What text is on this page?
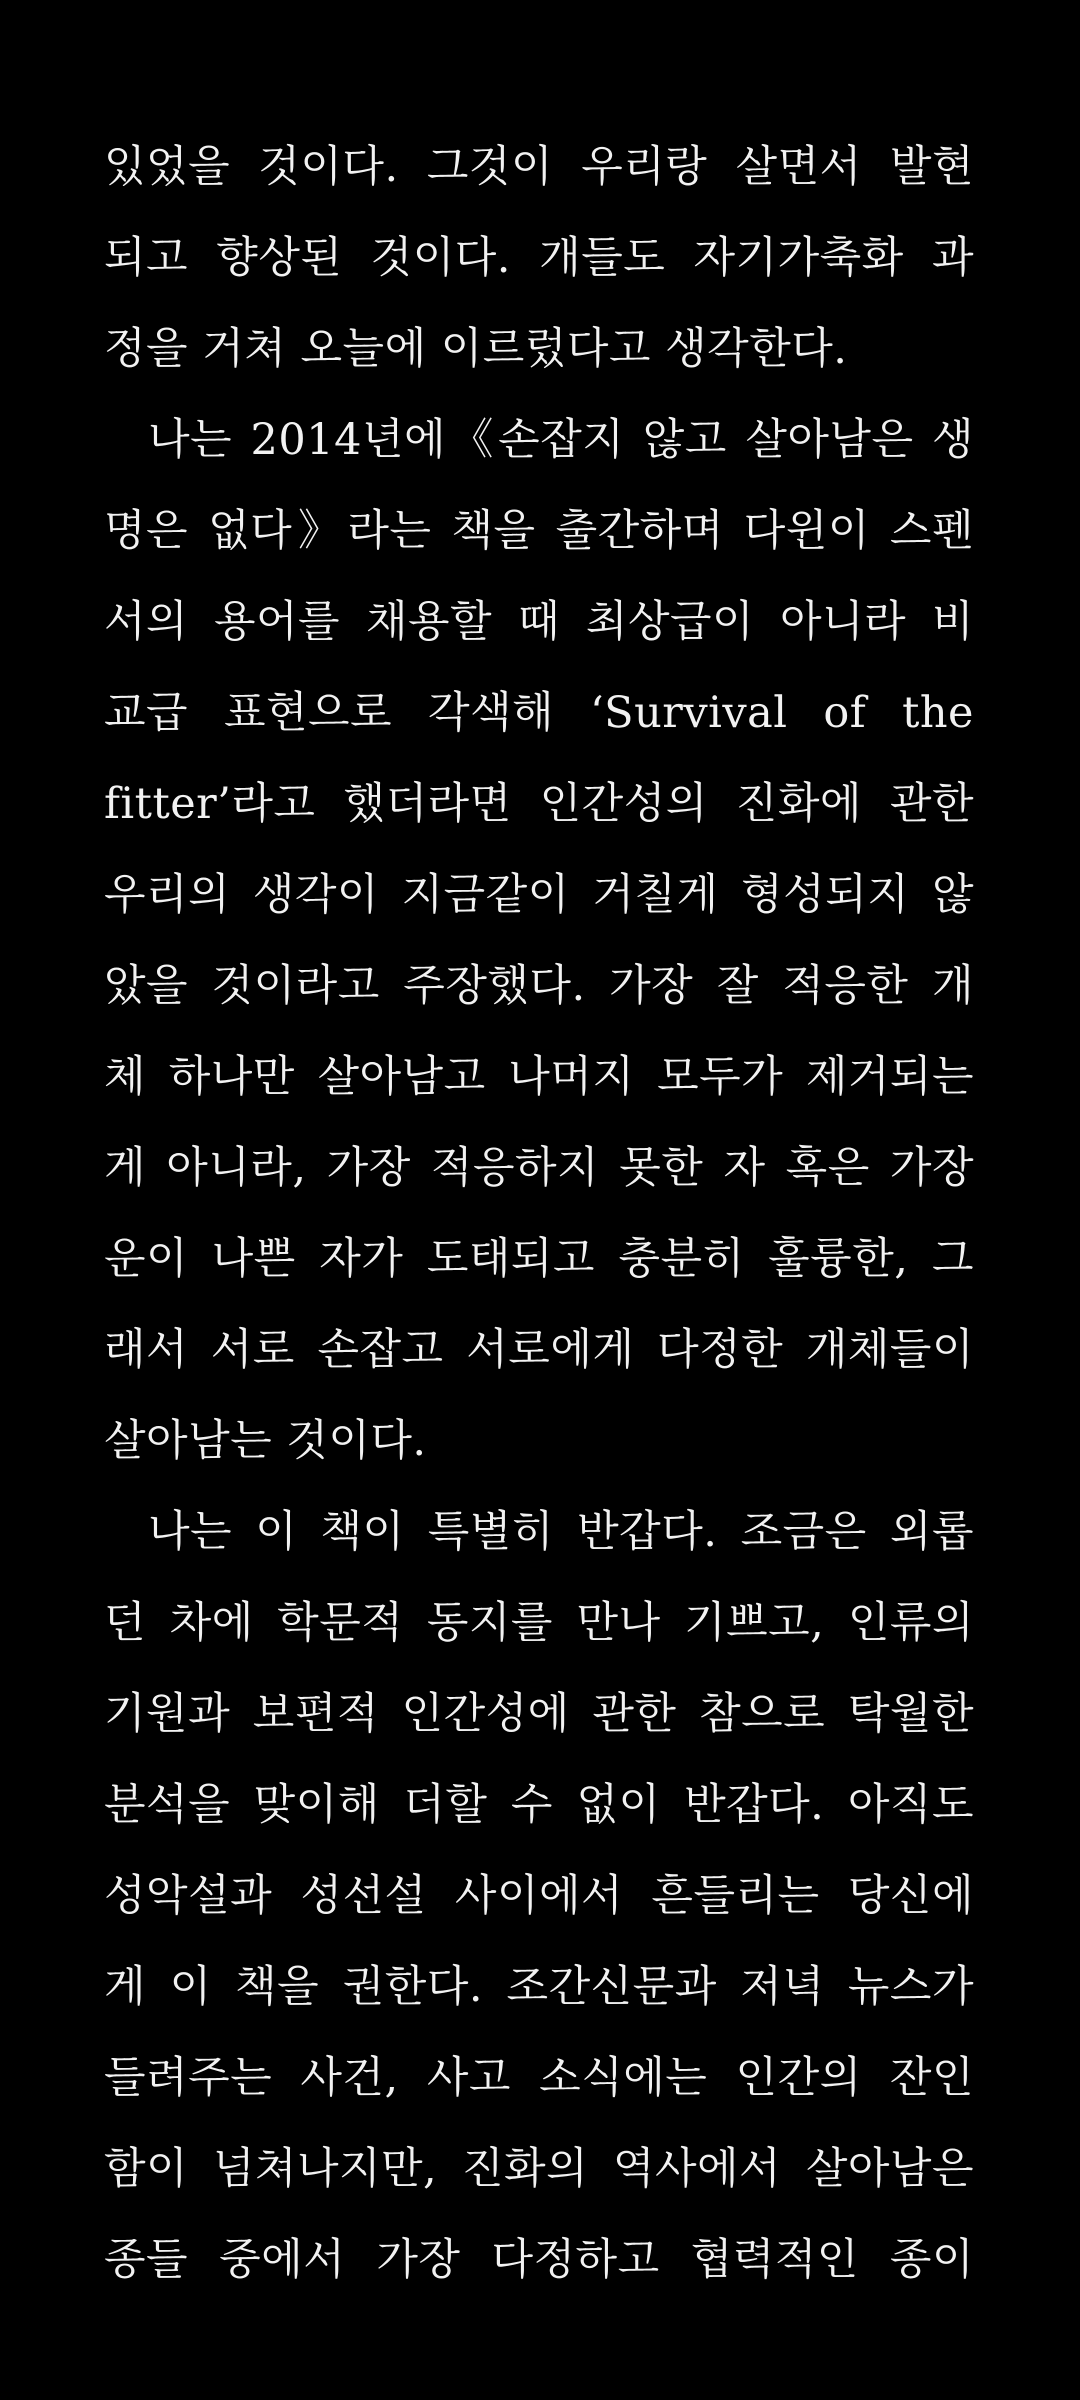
있었을 것이다. 그것이 우리랑 살면서 발현
되고 향상된 것이다. 개들도 자기가축화 과
정을 거쳐 오늘에 이르렀다고 생각한다.
나는 2014년에《손잡지 않고 살아남은 생
명은 없다》라는 책을 출간하며 다윈이 스펜
서의 용어를 채용할 때 최상급이 아니라 비
교급 표현으로 각색해 ‘Survival of the
fitter’라고 했더라면 인간성의 진화에 관한
우리의 생각이 지금같이 거칠게 형성되지 않
았을 것이라고 주장했다. 가장 잘 적응한 개
체 하나만 살아남고 나머지 모두가 제거되는
게 아니라, 가장 적응하지 못한 자 혹은 가장
운이 나쁜 자가 도태되고 충분히 훌륭한, 그
래서 서로 손잡고 서로에게 다정한 개체들이
살아남는 것이다.
나는 이 책이 특별히 반갑다. 조금은 외롭
던 차에 학문적 동지를 만나 기쁘고, 인류의
기원과 보편적 인간성에 관한 참으로 탁월한
분석을 맞이해 더할 수 없이 반갑다. 아직도
성악설과 성선설 사이에서 흔들리는 당신에
게 이 책을 권한다. 조간신문과 저녁 뉴스가
들려주는 사건, 사고 소식에는 인간의 잔인
함이 넘쳐나지만, 진화의 역사에서 살아남은
종들 중에서 가장 다정하고 협력적인 종이
